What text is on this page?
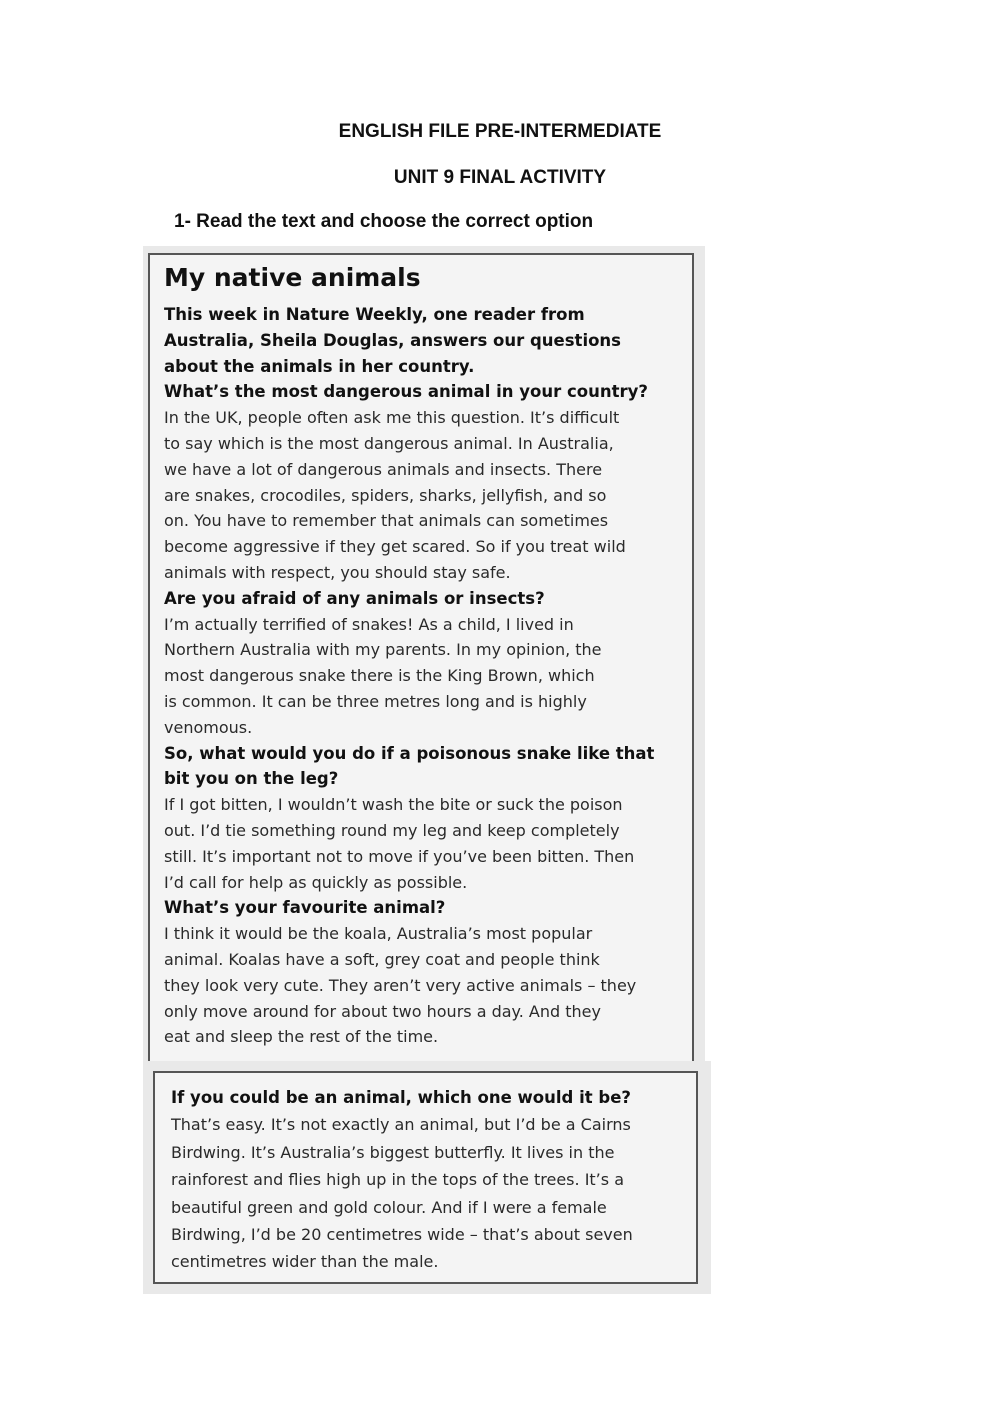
ENGLISH FILE PRE-INTERMEDIATE
UNIT 9 FINAL ACTIVITY

1- Read the text and choose the correct option

My native animals
This week in Nature Weekly, one reader from
Australia, Sheila Douglas, answers our questions
about the animals in her country.
What’s the most dangerous animal in your country?
In the UK, people often ask me this question. It’s difficult
to say which is the most dangerous animal. In Australia,
we have a lot of dangerous animals and insects. There
are snakes, crocodiles, spiders, sharks, jellyfish, and so
on. You have to remember that animals can sometimes
become aggressive if they get scared. So if you treat wild
animals with respect, you should stay safe.
Are you afraid of any animals or insects?
I’m actually terrified of snakes! As a child, I lived in
Northern Australia with my parents. In my opinion, the
most dangerous snake there is the King Brown, which
is common. It can be three metres long and is highly
venomous.
So, what would you do if a poisonous snake like that
bit you on the leg?
If I got bitten, I wouldn’t wash the bite or suck the poison
out. I’d tie something round my leg and keep completely
still. It’s important not to move if you’ve been bitten. Then
I’d call for help as quickly as possible.
What’s your favourite animal?
I think it would be the koala, Australia’s most popular
animal. Koalas have a soft, grey coat and people think
they look very cute. They aren’t very active animals – they
only move around for about two hours a day. And they
eat and sleep the rest of the time.
If you could be an animal, which one would it be?
That’s easy. It’s not exactly an animal, but I’d be a Cairns
Birdwing. It’s Australia’s biggest butterfly. It lives in the
rainforest and flies high up in the tops of the trees. It’s a
beautiful green and gold colour. And if I were a female
Birdwing, I’d be 20 centimetres wide – that’s about seven
centimetres wider than the male.
